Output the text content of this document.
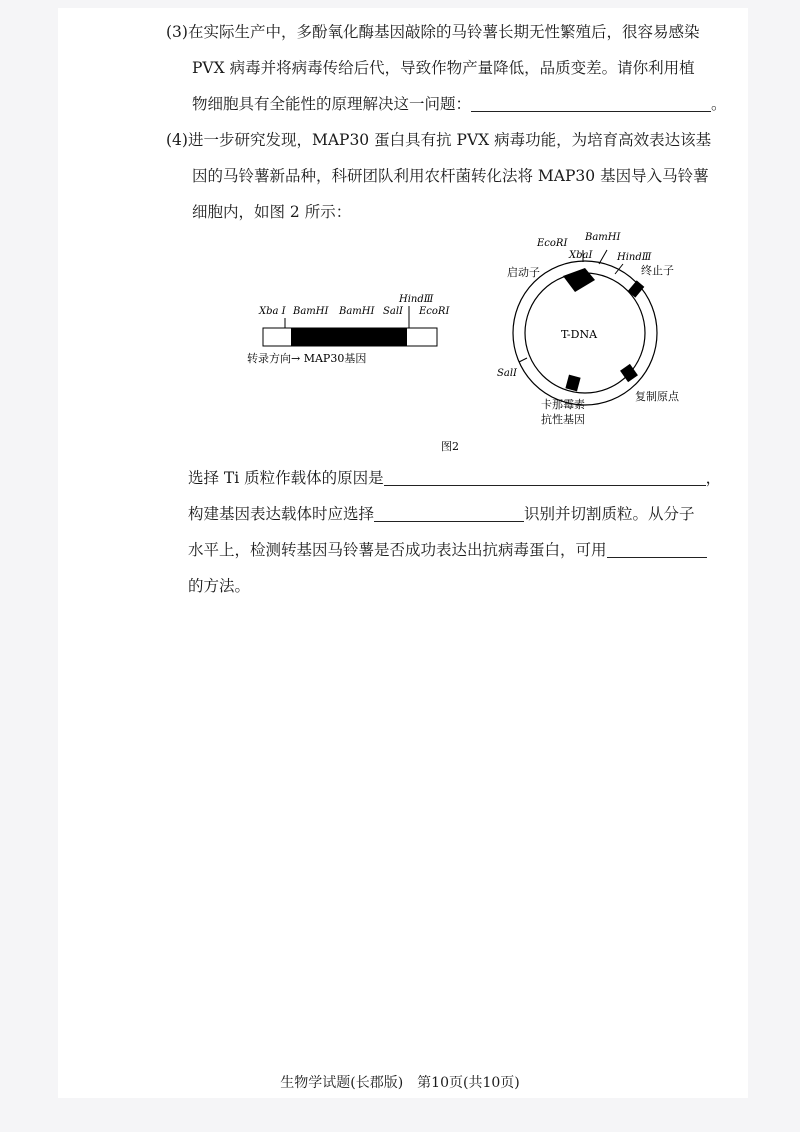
(3)在实际生产中，多酚氧化酶基因敲除的马铃薯长期无性繁殖后，很容易感染
PVX 病毒并将病毒传给后代，导致作物产量降低，品质变差。请你利用植
物细胞具有全能性的原理解决这一问题：	。
(4)进一步研究发现，MAP30 蛋白具有抗 PVX 病毒功能，为培育高效表达该基
因的马铃薯新品种，科研团队利用农杆菌转化法将 MAP30 基因导入马铃薯
细胞内，如图 2 所示：
Xba Ⅰ BamHⅠ BamHⅠ SalⅠ
HindⅢ
EcoRⅠ
转录方向→ MAP30基因
EcoRⅠ
BamHⅠ
XbaⅠ HindⅢ
启动子	终止子
T-DNA
SalⅠ
卡那霉素
抗性基因
复制原点
图2
选择 Ti 质粒作载体的原因是	，
构建基因表达载体时应选择	识别并切割质粒。从分子
水平上，检测转基因马铃薯是否成功表达出抗病毒蛋白，可用
的方法。
生物学试题(长郡版)　第10页(共10页)
